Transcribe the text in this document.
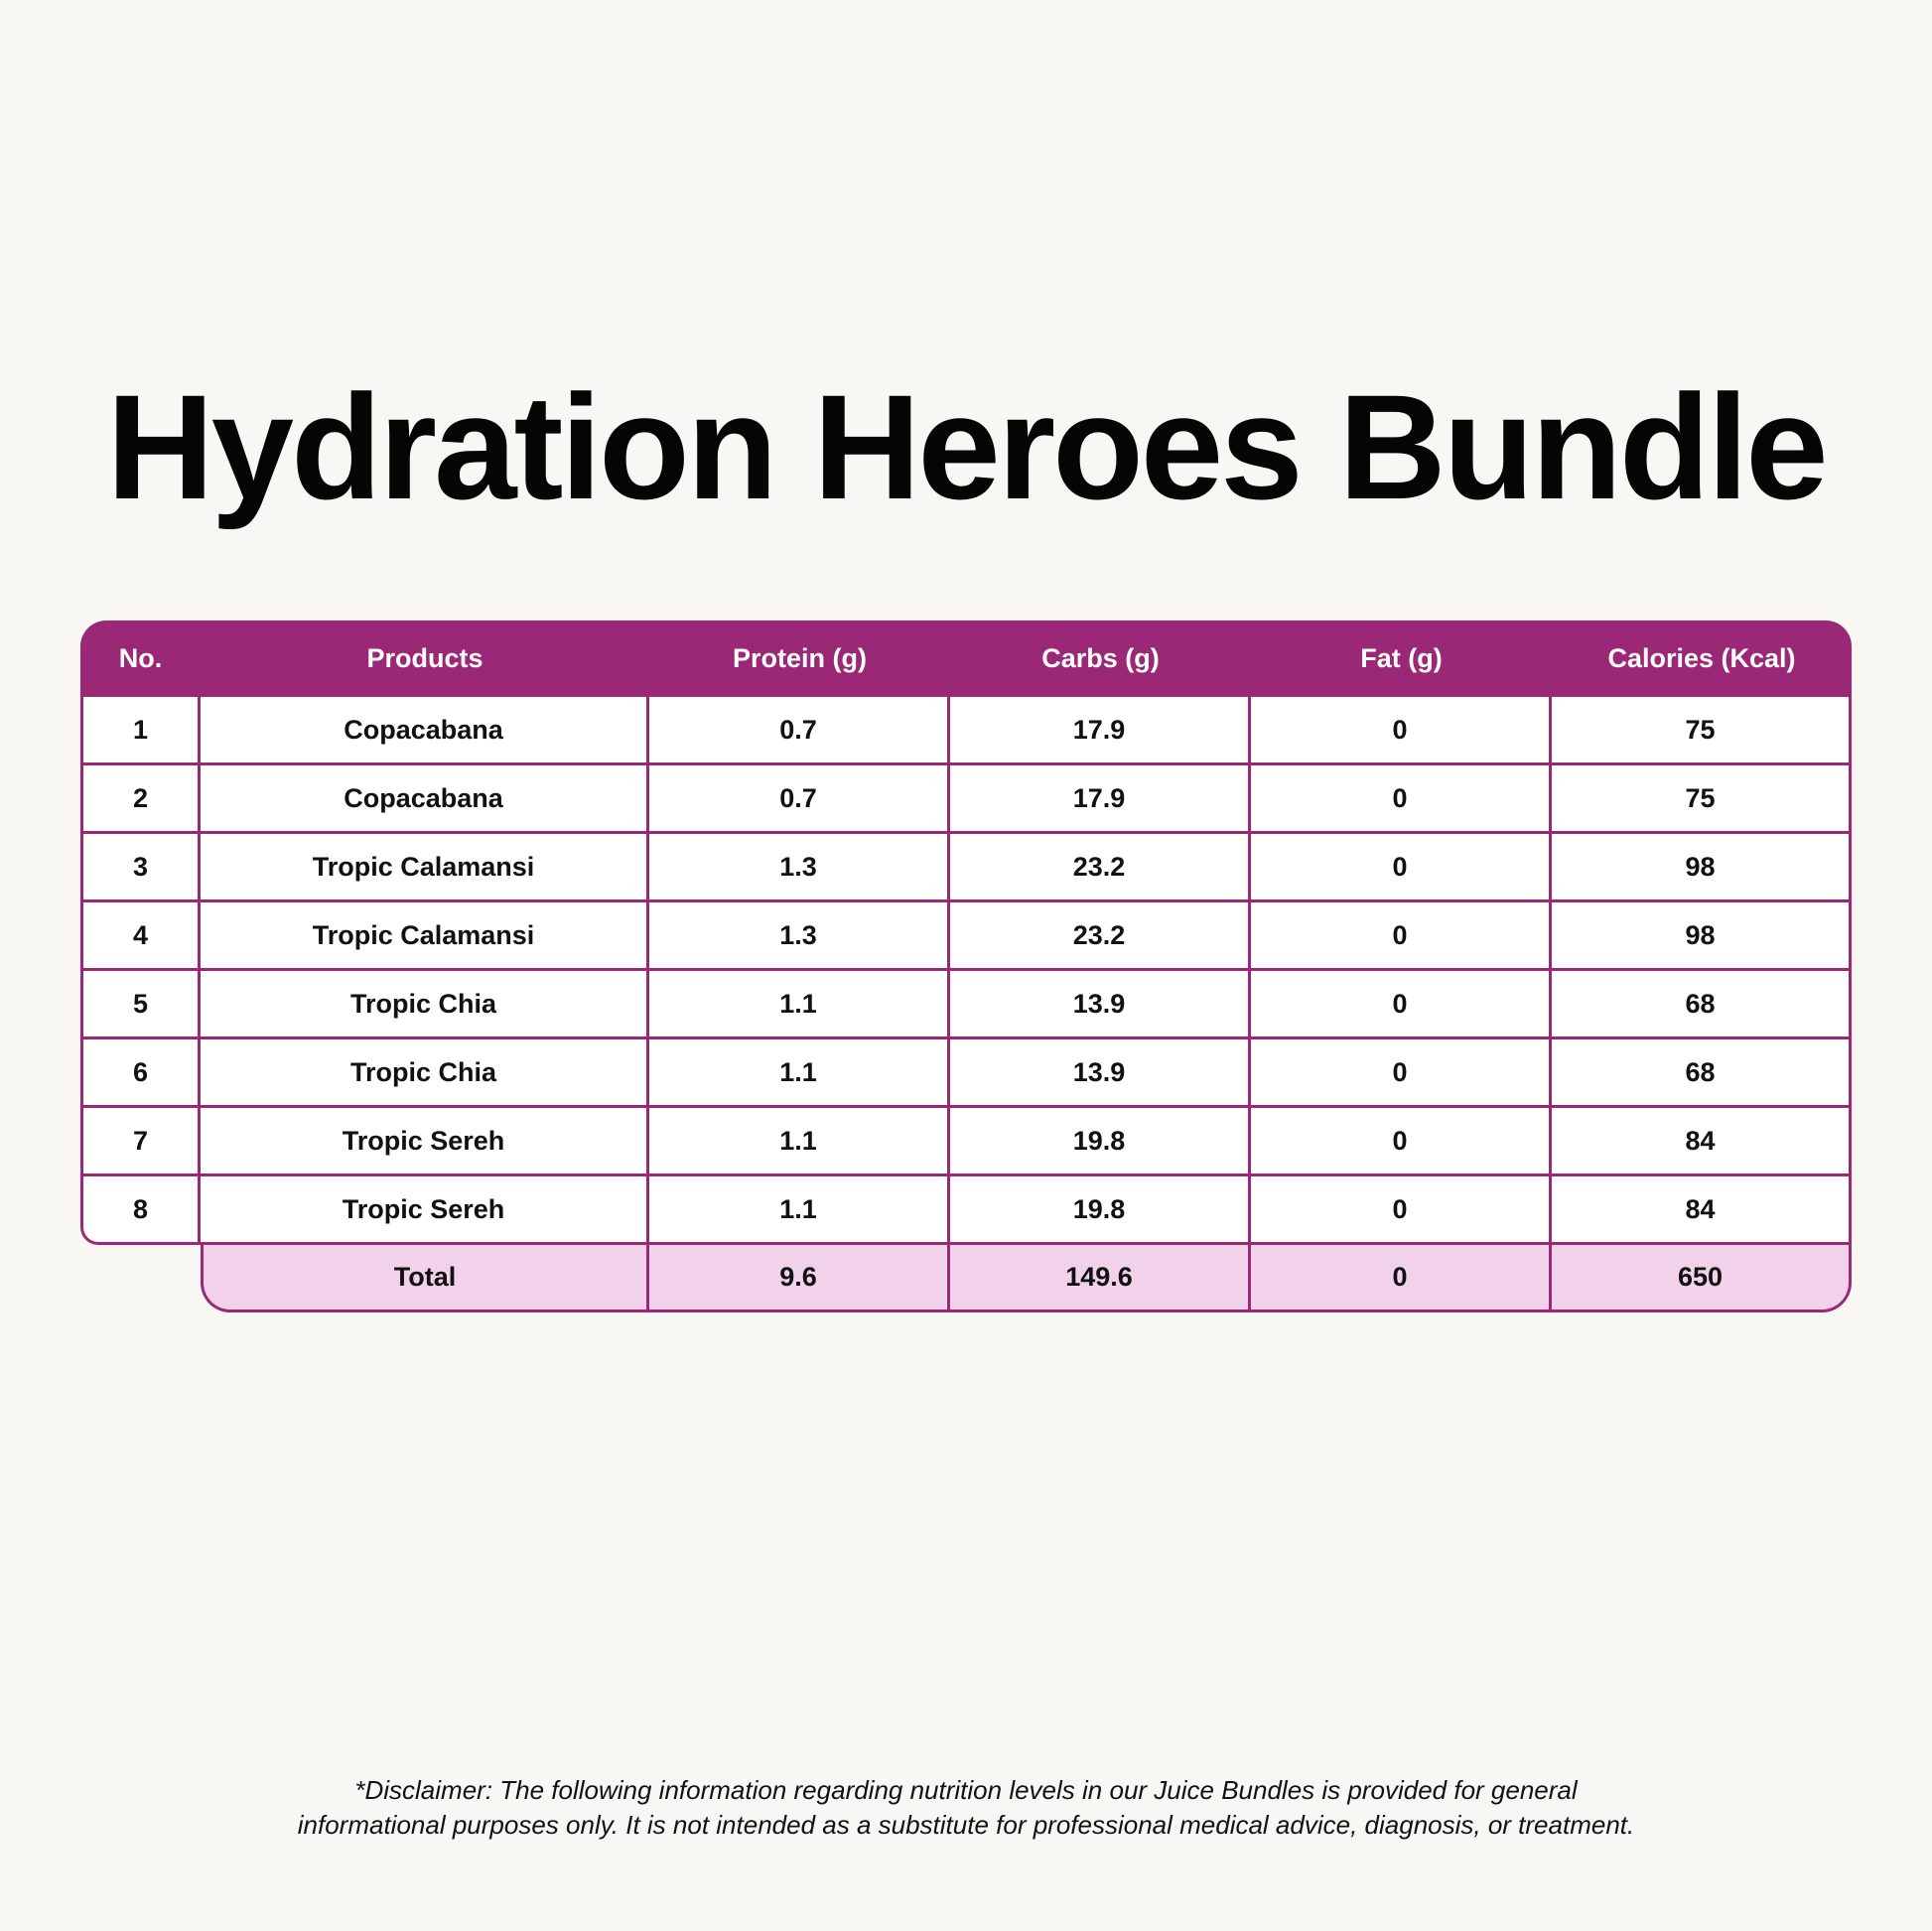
Hydration Heroes Bundle
No.	Products	Protein (g)	Carbs (g)	Fat (g)	Calories (Kcal)
1	Copacabana	0.7	17.9	0	75
2	Copacabana	0.7	17.9	0	75
3	Tropic Calamansi	1.3	23.2	0	98
4	Tropic Calamansi	1.3	23.2	0	98
5	Tropic Chia	1.1	13.9	0	68
6	Tropic Chia	1.1	13.9	0	68
7	Tropic Sereh	1.1	19.8	0	84
8	Tropic Sereh	1.1	19.8	0	84
	Total	9.6	149.6	0	650
*Disclaimer: The following information regarding nutrition levels in our Juice Bundles is provided for general
informational purposes only. It is not intended as a substitute for professional medical advice, diagnosis, or treatment.
